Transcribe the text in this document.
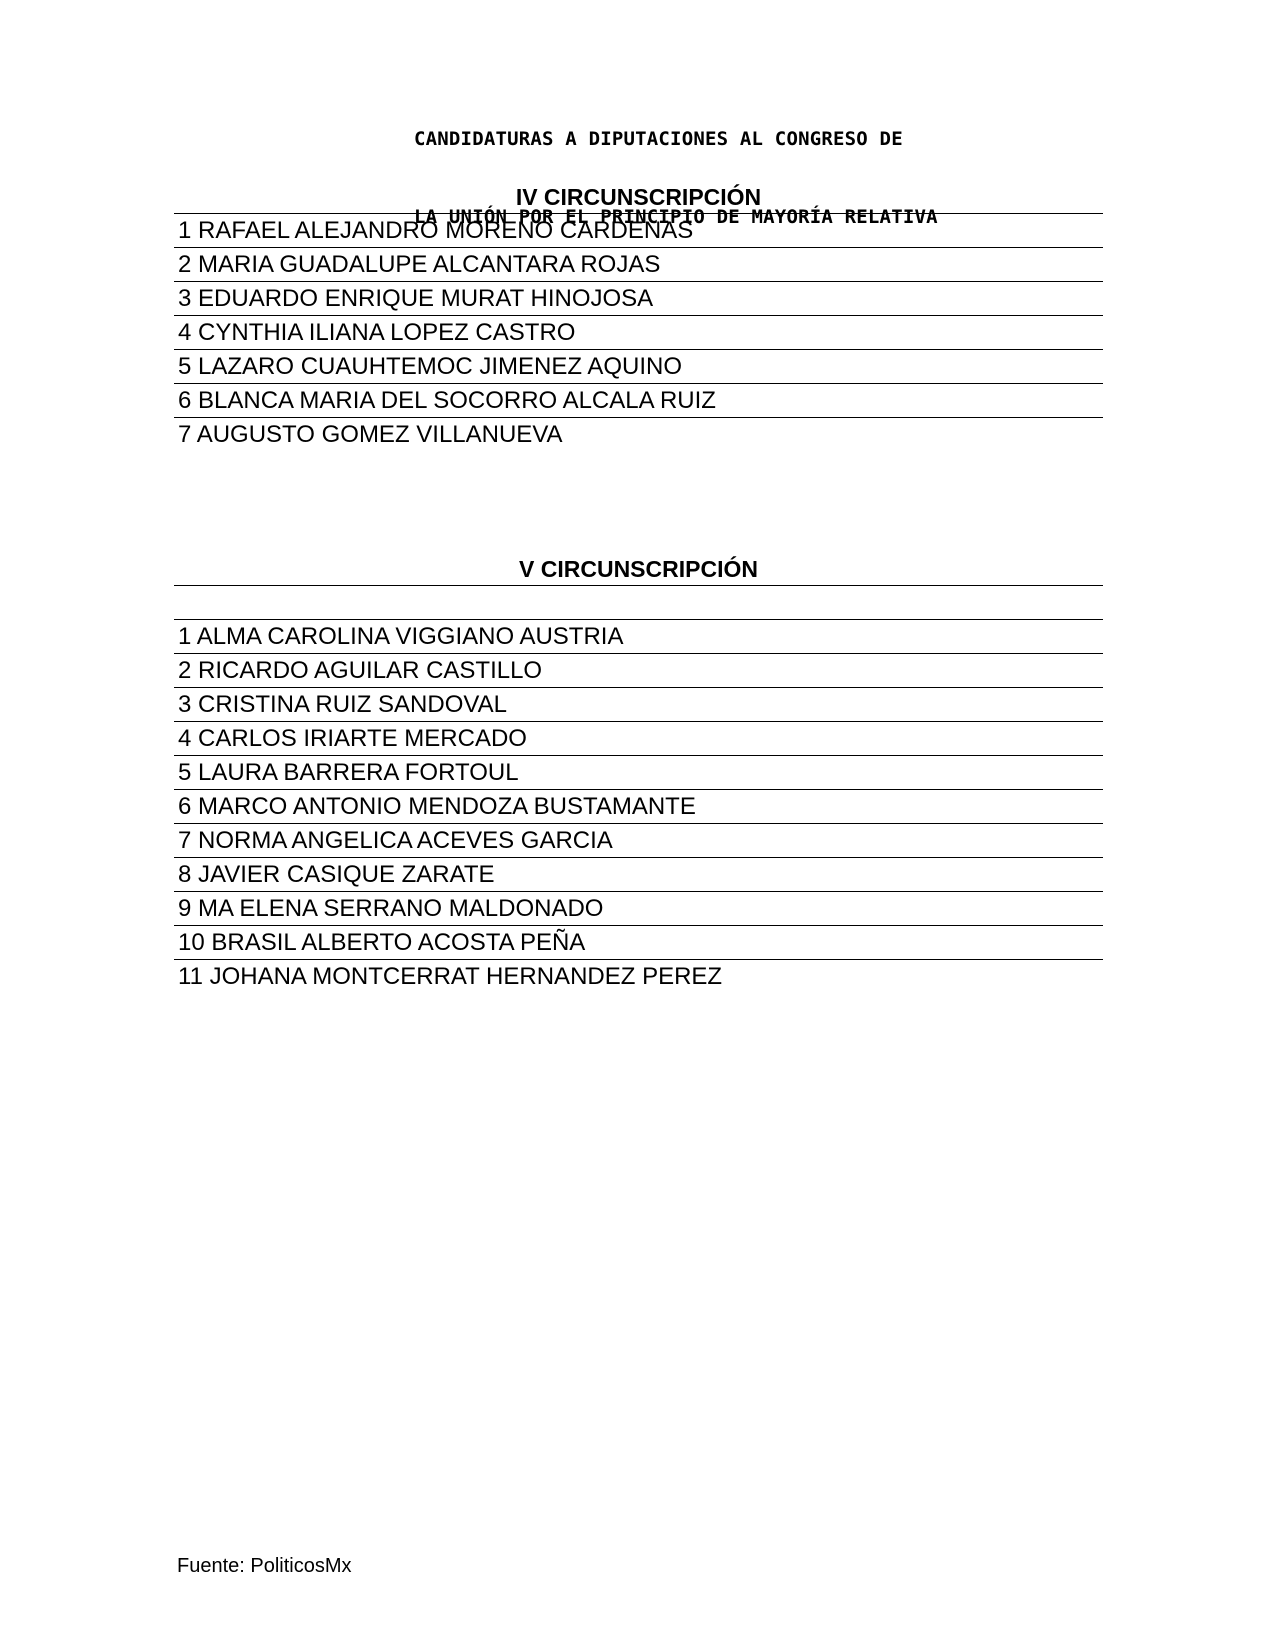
CANDIDATURAS A DIPUTACIONES AL CONGRESO DE

LA UNIÓN POR EL PRINCIPIO DE MAYORÍA RELATIVA

IV CIRCUNSCRIPCIÓN
1 RAFAEL ALEJANDRO MORENO CARDENAS
2 MARIA GUADALUPE ALCANTARA ROJAS
3 EDUARDO ENRIQUE MURAT HINOJOSA
4 CYNTHIA ILIANA LOPEZ CASTRO
5 LAZARO CUAUHTEMOC JIMENEZ AQUINO
6 BLANCA MARIA DEL SOCORRO ALCALA RUIZ
7 AUGUSTO GOMEZ VILLANUEVA
V CIRCUNSCRIPCIÓN
1 ALMA CAROLINA VIGGIANO AUSTRIA
2 RICARDO AGUILAR CASTILLO
3 CRISTINA RUIZ SANDOVAL
4 CARLOS IRIARTE MERCADO
5 LAURA BARRERA FORTOUL
6 MARCO ANTONIO MENDOZA BUSTAMANTE
7 NORMA ANGELICA ACEVES GARCIA
8 JAVIER CASIQUE ZARATE
9 MA ELENA SERRANO MALDONADO
10 BRASIL ALBERTO ACOSTA PEÑA
11 JOHANA MONTCERRAT HERNANDEZ PEREZ
Fuente: PoliticosMx
